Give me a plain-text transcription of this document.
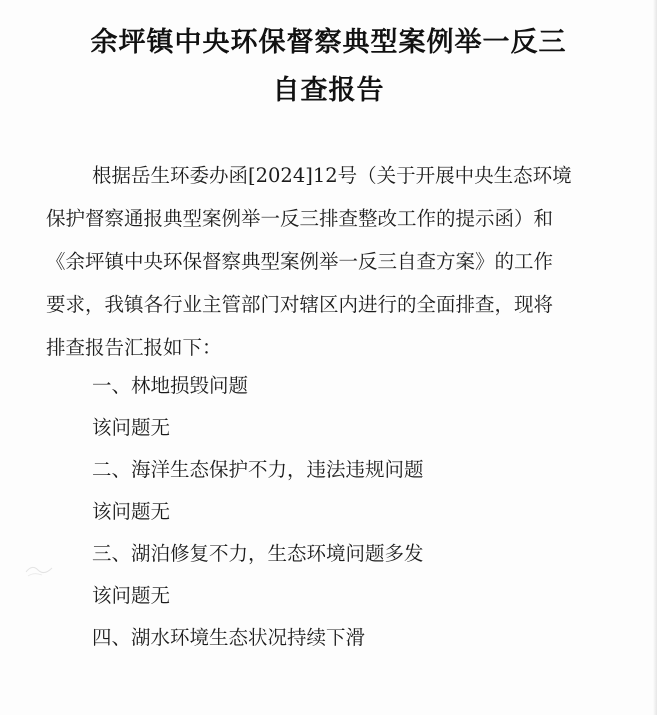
余坪镇中央环保督察典型案例举一反三
自查报告
根据岳生环委办函[2024]12号（关于开展中央生态环境
保护督察通报典型案例举一反三排查整改工作的提示函）和
《余坪镇中央环保督察典型案例举一反三自查方案》的工作
要求，我镇各行业主管部门对辖区内进行的全面排查，现将
排查报告汇报如下：
一、林地损毁问题
该问题无
二、海洋生态保护不力，违法违规问题
该问题无
三、湖泊修复不力，生态环境问题多发
该问题无
四、湖水环境生态状况持续下滑
